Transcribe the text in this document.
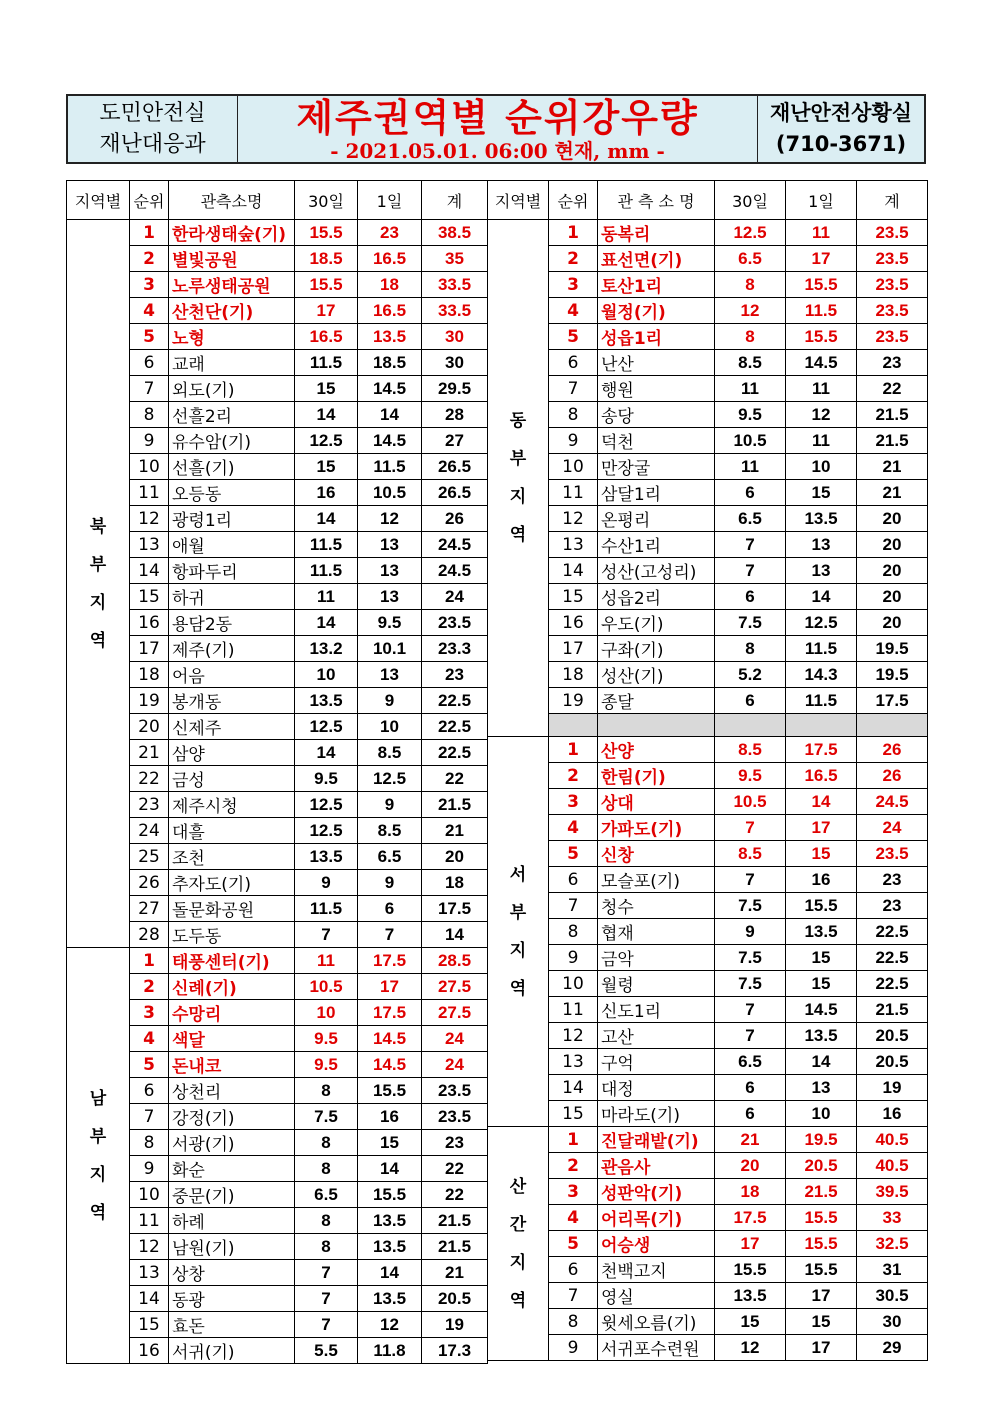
도민안전실
재난대응과
제주권역별 순위강우량
- 2021.05.01. 06:00 현재, mm -
재난안전상황실
(710-3671)
지역별	순위	관측소명	30일	1일	계
북부지역	1	한라생태숲(기)	15.5	23	38.5
	2	별빛공원	18.5	16.5	35
	3	노루생태공원	15.5	18	33.5
	4	산천단(기)	17	16.5	33.5
	5	노형	16.5	13.5	30
	6	교래	11.5	18.5	30
	7	외도(기)	15	14.5	29.5
	8	선흘2리	14	14	28
	9	유수암(기)	12.5	14.5	27
	10	선흘(기)	15	11.5	26.5
	11	오등동	16	10.5	26.5
	12	광령1리	14	12	26
	13	애월	11.5	13	24.5
	14	항파두리	11.5	13	24.5
	15	하귀	11	13	24
	16	용담2동	14	9.5	23.5
	17	제주(기)	13.2	10.1	23.3
	18	어음	10	13	23
	19	봉개동	13.5	9	22.5
	20	신제주	12.5	10	22.5
	21	삼양	14	8.5	22.5
	22	금성	9.5	12.5	22
	23	제주시청	12.5	9	21.5
	24	대흘	12.5	8.5	21
	25	조천	13.5	6.5	20
	26	추자도(기)	9	9	18
	27	돌문화공원	11.5	6	17.5
	28	도두동	7	7	14
남부지역	1	태풍센터(기)	11	17.5	28.5
	2	신례(기)	10.5	17	27.5
	3	수망리	10	17.5	27.5
	4	색달	9.5	14.5	24
	5	돈내코	9.5	14.5	24
	6	상천리	8	15.5	23.5
	7	강정(기)	7.5	16	23.5
	8	서광(기)	8	15	23
	9	화순	8	14	22
	10	중문(기)	6.5	15.5	22
	11	하례	8	13.5	21.5
	12	남원(기)	8	13.5	21.5
	13	상창	7	14	21
	14	동광	7	13.5	20.5
	15	효돈	7	12	19
	16	서귀(기)	5.5	11.8	17.3
지역별	순위	관 측 소 명	30일	1일	계
동부지역	1	동복리	12.5	11	23.5
	2	표선면(기)	6.5	17	23.5
	3	토산1리	8	15.5	23.5
	4	월정(기)	12	11.5	23.5
	5	성읍1리	8	15.5	23.5
	6	난산	8.5	14.5	23
	7	행원	11	11	22
	8	송당	9.5	12	21.5
	9	덕천	10.5	11	21.5
	10	만장굴	11	10	21
	11	삼달1리	6	15	21
	12	온평리	6.5	13.5	20
	13	수산1리	7	13	20
	14	성산(고성리)	7	13	20
	15	성읍2리	6	14	20
	16	우도(기)	7.5	12.5	20
	17	구좌(기)	8	11.5	19.5
	18	성산(기)	5.2	14.3	19.5
	19	종달	6	11.5	17.5

서부지역	1	산양	8.5	17.5	26
	2	한림(기)	9.5	16.5	26
	3	상대	10.5	14	24.5
	4	가파도(기)	7	17	24
	5	신창	8.5	15	23.5
	6	모슬포(기)	7	16	23
	7	청수	7.5	15.5	23
	8	협재	9	13.5	22.5
	9	금악	7.5	15	22.5
	10	월령	7.5	15	22.5
	11	신도1리	7	14.5	21.5
	12	고산	7	13.5	20.5
	13	구억	6.5	14	20.5
	14	대정	6	13	19
	15	마라도(기)	6	10	16
산간지역	1	진달래밭(기)	21	19.5	40.5
	2	관음사	20	20.5	40.5
	3	성판악(기)	18	21.5	39.5
	4	어리목(기)	17.5	15.5	33
	5	어승생	17	15.5	32.5
	6	천백고지	15.5	15.5	31
	7	영실	13.5	17	30.5
	8	윗세오름(기)	15	15	30
	9	서귀포수련원	12	17	29
